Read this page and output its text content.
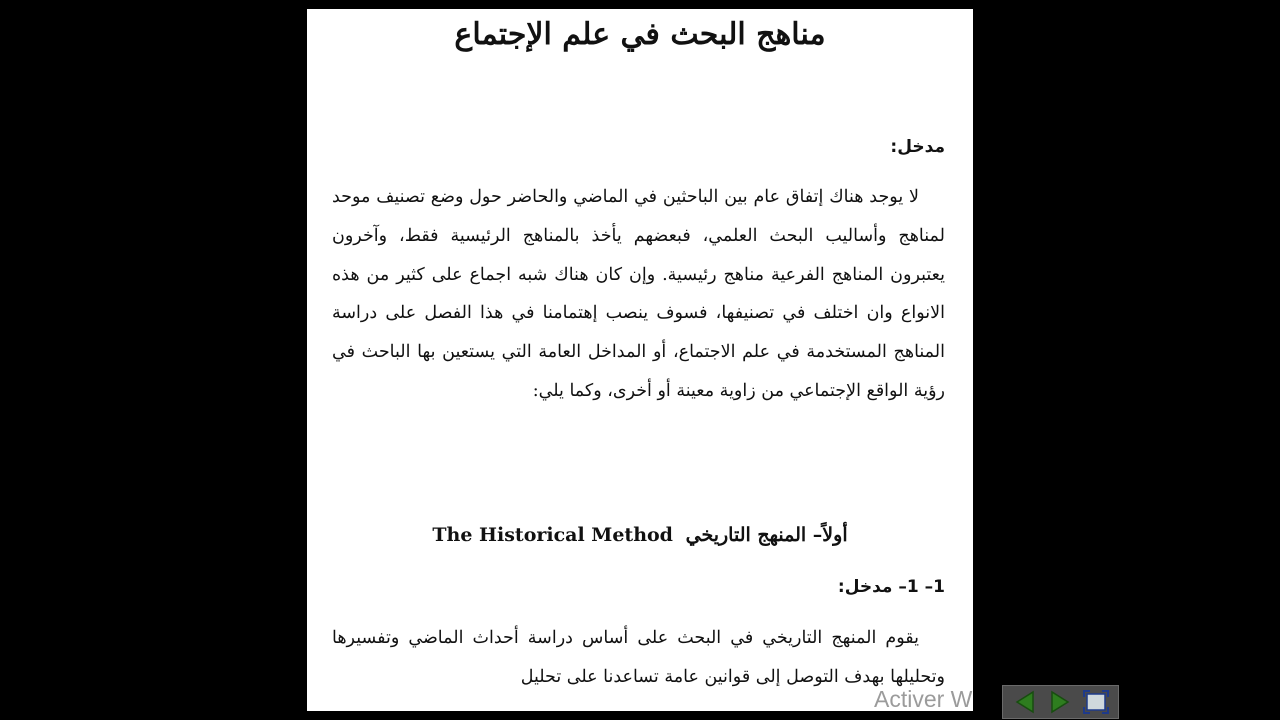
مناهج البحث في علم الإجتماع
مدخل:

لا يوجد هناك إتفاق عام بين الباحثين في الماضي والحاضر حول وضع تصنيف موحد لمناهج وأساليب البحث العلمي، فبعضهم يأخذ بالمناهج الرئيسية فقط، وآخرون يعتبرون المناهج الفرعية مناهج رئيسية. وإن كان هناك شبه اجماع على كثير من هذه الانواع وان اختلف في تصنيفها، فسوف ينصب إهتمامنا في هذا الفصل على دراسة المناهج المستخدمة في علم الاجتماع، أو المداخل العامة التي يستعين بها الباحث في رؤية الواقع الإجتماعي من زاوية معينة أو أخرى، وكما يلي:

أولاً– المنهج التاريخي The Historical Method
1– 1– مدخل:

يقوم المنهج التاريخي في البحث على أساس دراسة أحداث الماضي وتفسيرها وتحليلها بهدف التوصل إلى قوانين عامة تساعدنا على تحليل

Activer W
